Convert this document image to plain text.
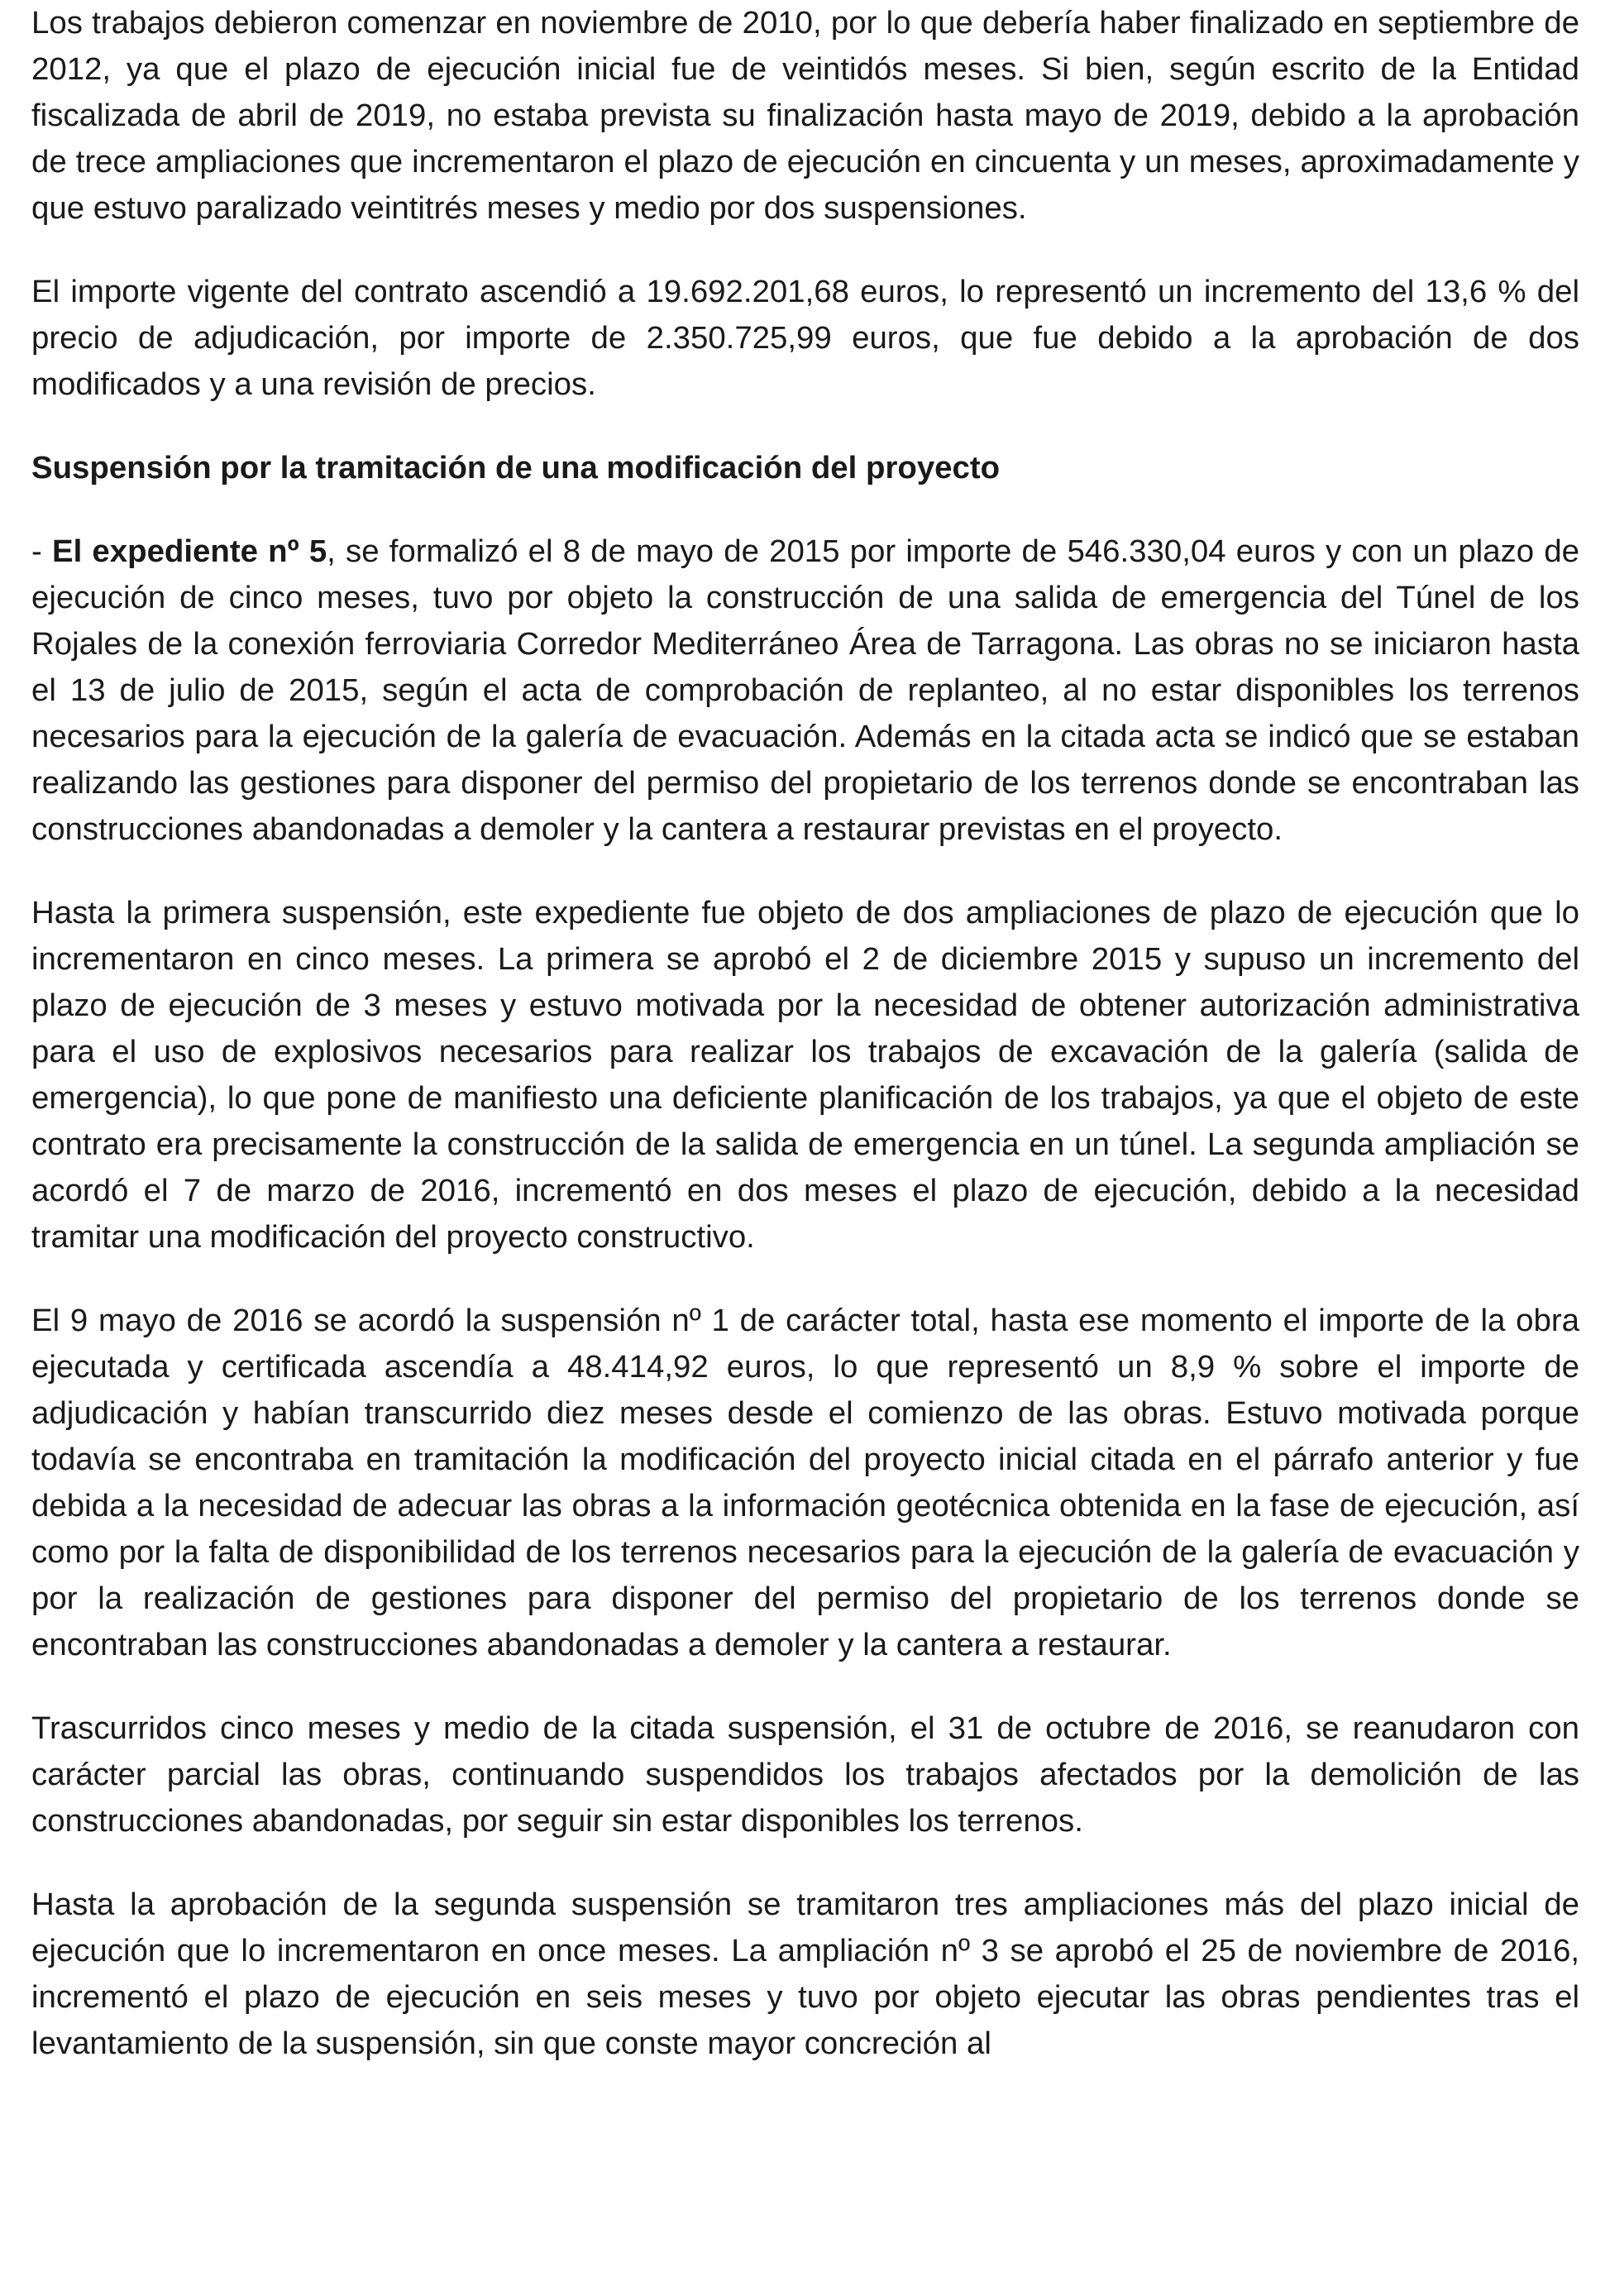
Los trabajos debieron comenzar en noviembre de 2010, por lo que debería haber finalizado en septiembre de 2012, ya que el plazo de ejecución inicial fue de veintidós meses. Si bien, según escrito de la Entidad fiscalizada de abril de 2019, no estaba prevista su finalización hasta mayo de 2019, debido a la aprobación de trece ampliaciones que incrementaron el plazo de ejecución en cincuenta y un meses, aproximadamente y que estuvo paralizado veintitrés meses y medio por dos suspensiones.

El importe vigente del contrato ascendió a 19.692.201,68 euros, lo representó un incremento del 13,6 % del precio de adjudicación, por importe de 2.350.725,99 euros, que fue debido a la aprobación de dos modificados y a una revisión de precios.

Suspensión por la tramitación de una modificación del proyecto

- El expediente nº 5, se formalizó el 8 de mayo de 2015 por importe de 546.330,04 euros y con un plazo de ejecución de cinco meses, tuvo por objeto la construcción de una salida de emergencia del Túnel de los Rojales de la conexión ferroviaria Corredor Mediterráneo Área de Tarragona. Las obras no se iniciaron hasta el 13 de julio de 2015, según el acta de comprobación de replanteo, al no estar disponibles los terrenos necesarios para la ejecución de la galería de evacuación. Además en la citada acta se indicó que se estaban realizando las gestiones para disponer del permiso del propietario de los terrenos donde se encontraban las construcciones abandonadas a demoler y la cantera a restaurar previstas en el proyecto.

Hasta la primera suspensión, este expediente fue objeto de dos ampliaciones de plazo de ejecución que lo incrementaron en cinco meses. La primera se aprobó el 2 de diciembre 2015 y supuso un incremento del plazo de ejecución de 3 meses y estuvo motivada por la necesidad de obtener autorización administrativa para el uso de explosivos necesarios para realizar los trabajos de excavación de la galería (salida de emergencia), lo que pone de manifiesto una deficiente planificación de los trabajos, ya que el objeto de este contrato era precisamente la construcción de la salida de emergencia en un túnel. La segunda ampliación se acordó el 7 de marzo de 2016, incrementó en dos meses el plazo de ejecución, debido a la necesidad tramitar una modificación del proyecto constructivo.

El 9 mayo de 2016 se acordó la suspensión nº 1 de carácter total, hasta ese momento el importe de la obra ejecutada y certificada ascendía a 48.414,92 euros, lo que representó un 8,9 % sobre el importe de adjudicación y habían transcurrido diez meses desde el comienzo de las obras. Estuvo motivada porque todavía se encontraba en tramitación la modificación del proyecto inicial citada en el párrafo anterior y fue debida a la necesidad de adecuar las obras a la información geotécnica obtenida en la fase de ejecución, así como por la falta de disponibilidad de los terrenos necesarios para la ejecución de la galería de evacuación y por la realización de gestiones para disponer del permiso del propietario de los terrenos donde se encontraban las construcciones abandonadas a demoler y la cantera a restaurar.

Trascurridos cinco meses y medio de la citada suspensión, el 31 de octubre de 2016, se reanudaron con carácter parcial las obras, continuando suspendidos los trabajos afectados por la demolición de las construcciones abandonadas, por seguir sin estar disponibles los terrenos.

Hasta la aprobación de la segunda suspensión se tramitaron tres ampliaciones más del plazo inicial de ejecución que lo incrementaron en once meses. La ampliación nº 3 se aprobó el 25 de noviembre de 2016, incrementó el plazo de ejecución en seis meses y tuvo por objeto ejecutar las obras pendientes tras el levantamiento de la suspensión, sin que conste mayor concreción al
